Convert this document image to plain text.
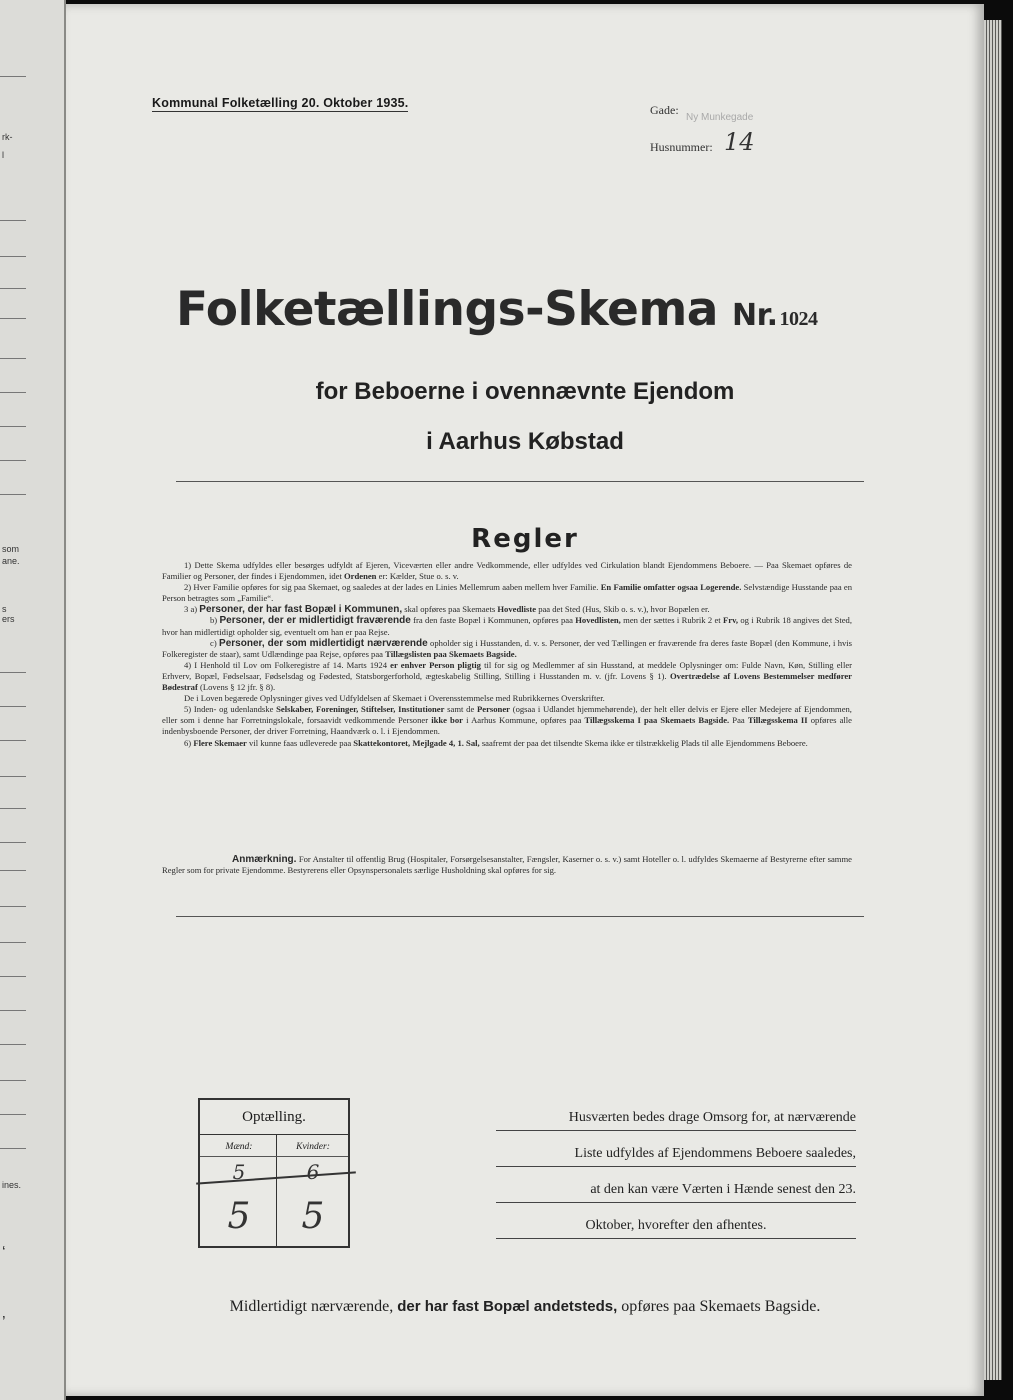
rk-
l
som
ane.
s
ers
ines.
‘
’
Kommunal Folketælling 20. Oktober 1935.	Gade:
Ny Munkegade
Husnummer: 14
Folketællings-Skema Nr. 1024
for Beboerne i ovennævnte Ejendom
i Aarhus Købstad
Regler

1) Dette Skema udfyldes eller besørges udfyldt af Ejeren, Viceværten eller andre Vedkommende, eller udfyldes ved Cirkulation blandt Ejendommens Beboere. — Paa Skemaet opføres de Familier og Personer, der findes i Ejendommen, idet Ordenen er: Kælder, Stue o. s. v.

2) Hver Familie opføres for sig paa Skemaet, og saaledes at der lades en Linies Mellemrum aaben mellem hver Familie. En Familie omfatter ogsaa Logerende. Selvstændige Husstande paa en Person betragtes som „Familie“.

3 a) Personer, der har fast Bopæl i Kommunen, skal opføres paa Skemaets Hovedliste paa det Sted (Hus, Skib o. s. v.), hvor Bopælen er.

b) Personer, der er midlertidigt fraværende fra den faste Bopæl i Kommunen, opføres paa Hovedlisten, men der sættes i Rubrik 2 et Frv, og i Rubrik 18 angives det Sted, hvor han midlertidigt opholder sig, eventuelt om han er paa Rejse.

c) Personer, der som midlertidigt nærværende opholder sig i Husstanden, d. v. s. Personer, der ved Tællingen er fraværende fra deres faste Bopæl (den Kommune, i hvis Folkeregister de staar), samt Udlændinge paa Rejse, opføres paa Tillægslisten paa Skemaets Bagside.

4) I Henhold til Lov om Folkeregistre af 14. Marts 1924 er enhver Person pligtig til for sig og Medlemmer af sin Husstand, at meddele Oplysninger om: Fulde Navn, Køn, Stilling eller Erhverv, Bopæl, Fødselsaar, Fødselsdag og Fødested, Statsborgerforhold, ægteskabelig Stilling, Stilling i Husstanden m. v. (jfr. Lovens § 1). Overtrædelse af Lovens Bestemmelser medfører Bødestraf (Lovens § 12 jfr. § 8).

De i Loven begærede Oplysninger gives ved Udfyldelsen af Skemaet i Overensstemmelse med Rubrikkernes Overskrifter.

5) Inden- og udenlandske Selskaber, Foreninger, Stiftelser, Institutioner samt de Personer (ogsaa i Udlandet hjemmehørende), der helt eller delvis er Ejere eller Medejere af Ejendommen, eller som i denne har Forretningslokale, forsaavidt vedkommende Personer ikke bor i Aarhus Kommune, opføres paa Tillægsskema I paa Skemaets Bagside. Paa Tillægsskema II opføres alle indenbysboende Personer, der driver Forretning, Haandværk o. l. i Ejendommen.

6) Flere Skemaer vil kunne faas udleverede paa Skattekontoret, Mejlgade 4, 1. Sal, saafremt der paa det tilsendte Skema ikke er tilstrækkelig Plads til alle Ejendommens Beboere.

Anmærkning. For Anstalter til offentlig Brug (Hospitaler, Forsørgelsesanstalter, Fængsler, Kaserner o. s. v.) samt Hoteller o. l. udfyldes Skemaerne af Bestyrerne efter samme Regler som for private Ejendomme. Bestyrerens eller Opsynspersonalets særlige Husholdning skal opføres for sig.
Optælling.
Mænd:	Kvinder:
5	6
5	5
Husværten bedes drage Omsorg for, at nærværende
Liste udfyldes af Ejendommens Beboere saaledes,
at den kan være Værten i Hænde senest den 23.
Oktober, hvorefter den afhentes.
Midlertidigt nærværende, der har fast Bopæl andetsteds, opføres paa Skemaets Bagside.
